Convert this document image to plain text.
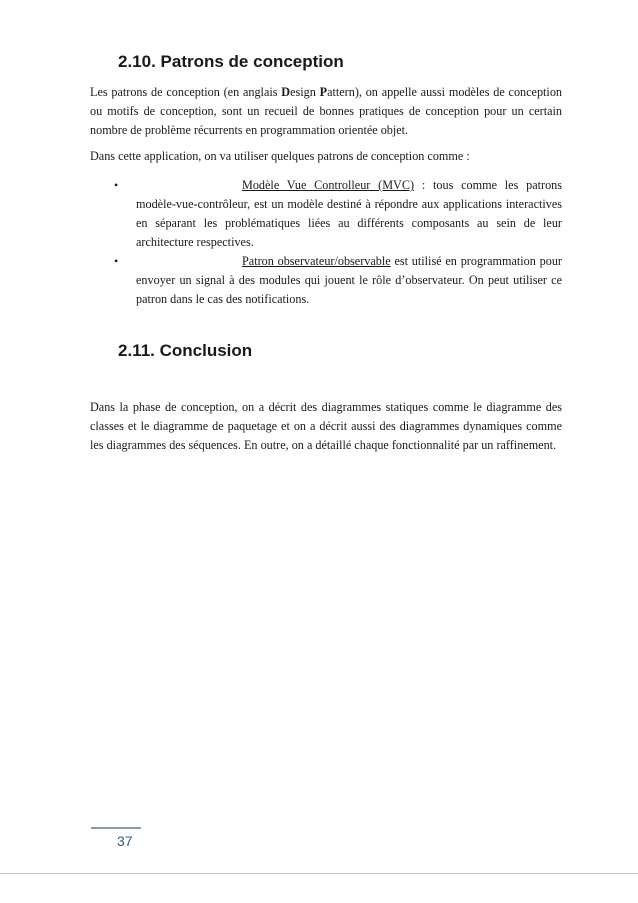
2.10. Patrons de conception

Les patrons de conception (en anglais Design Pattern), on appelle aussi modèles de conception ou motifs de conception, sont un recueil de bonnes pratiques de conception pour un certain nombre de problème récurrents en programmation orientée objet.

Dans cette application, on va utiliser quelques patrons de conception comme :

•	Modèle Vue Controlleur (MVC) : tous comme les patrons modèle-vue-contrôleur, est un modèle destiné à répondre aux applications interactives en séparant les problématiques liées au différents composants au sein de leur architecture respectives.

•	Patron observateur/observable est utilisé en programmation pour envoyer un signal à des modules qui jouent le rôle d’observateur. On peut utiliser ce patron dans le cas des notifications.

2.11. Conclusion

Dans la phase de conception, on a décrit des diagrammes statiques comme le diagramme des classes et le diagramme de paquetage et on a décrit aussi des diagrammes dynamiques comme les diagrammes des séquences. En outre, on a détaillé chaque fonctionnalité par un raffinement.

37
